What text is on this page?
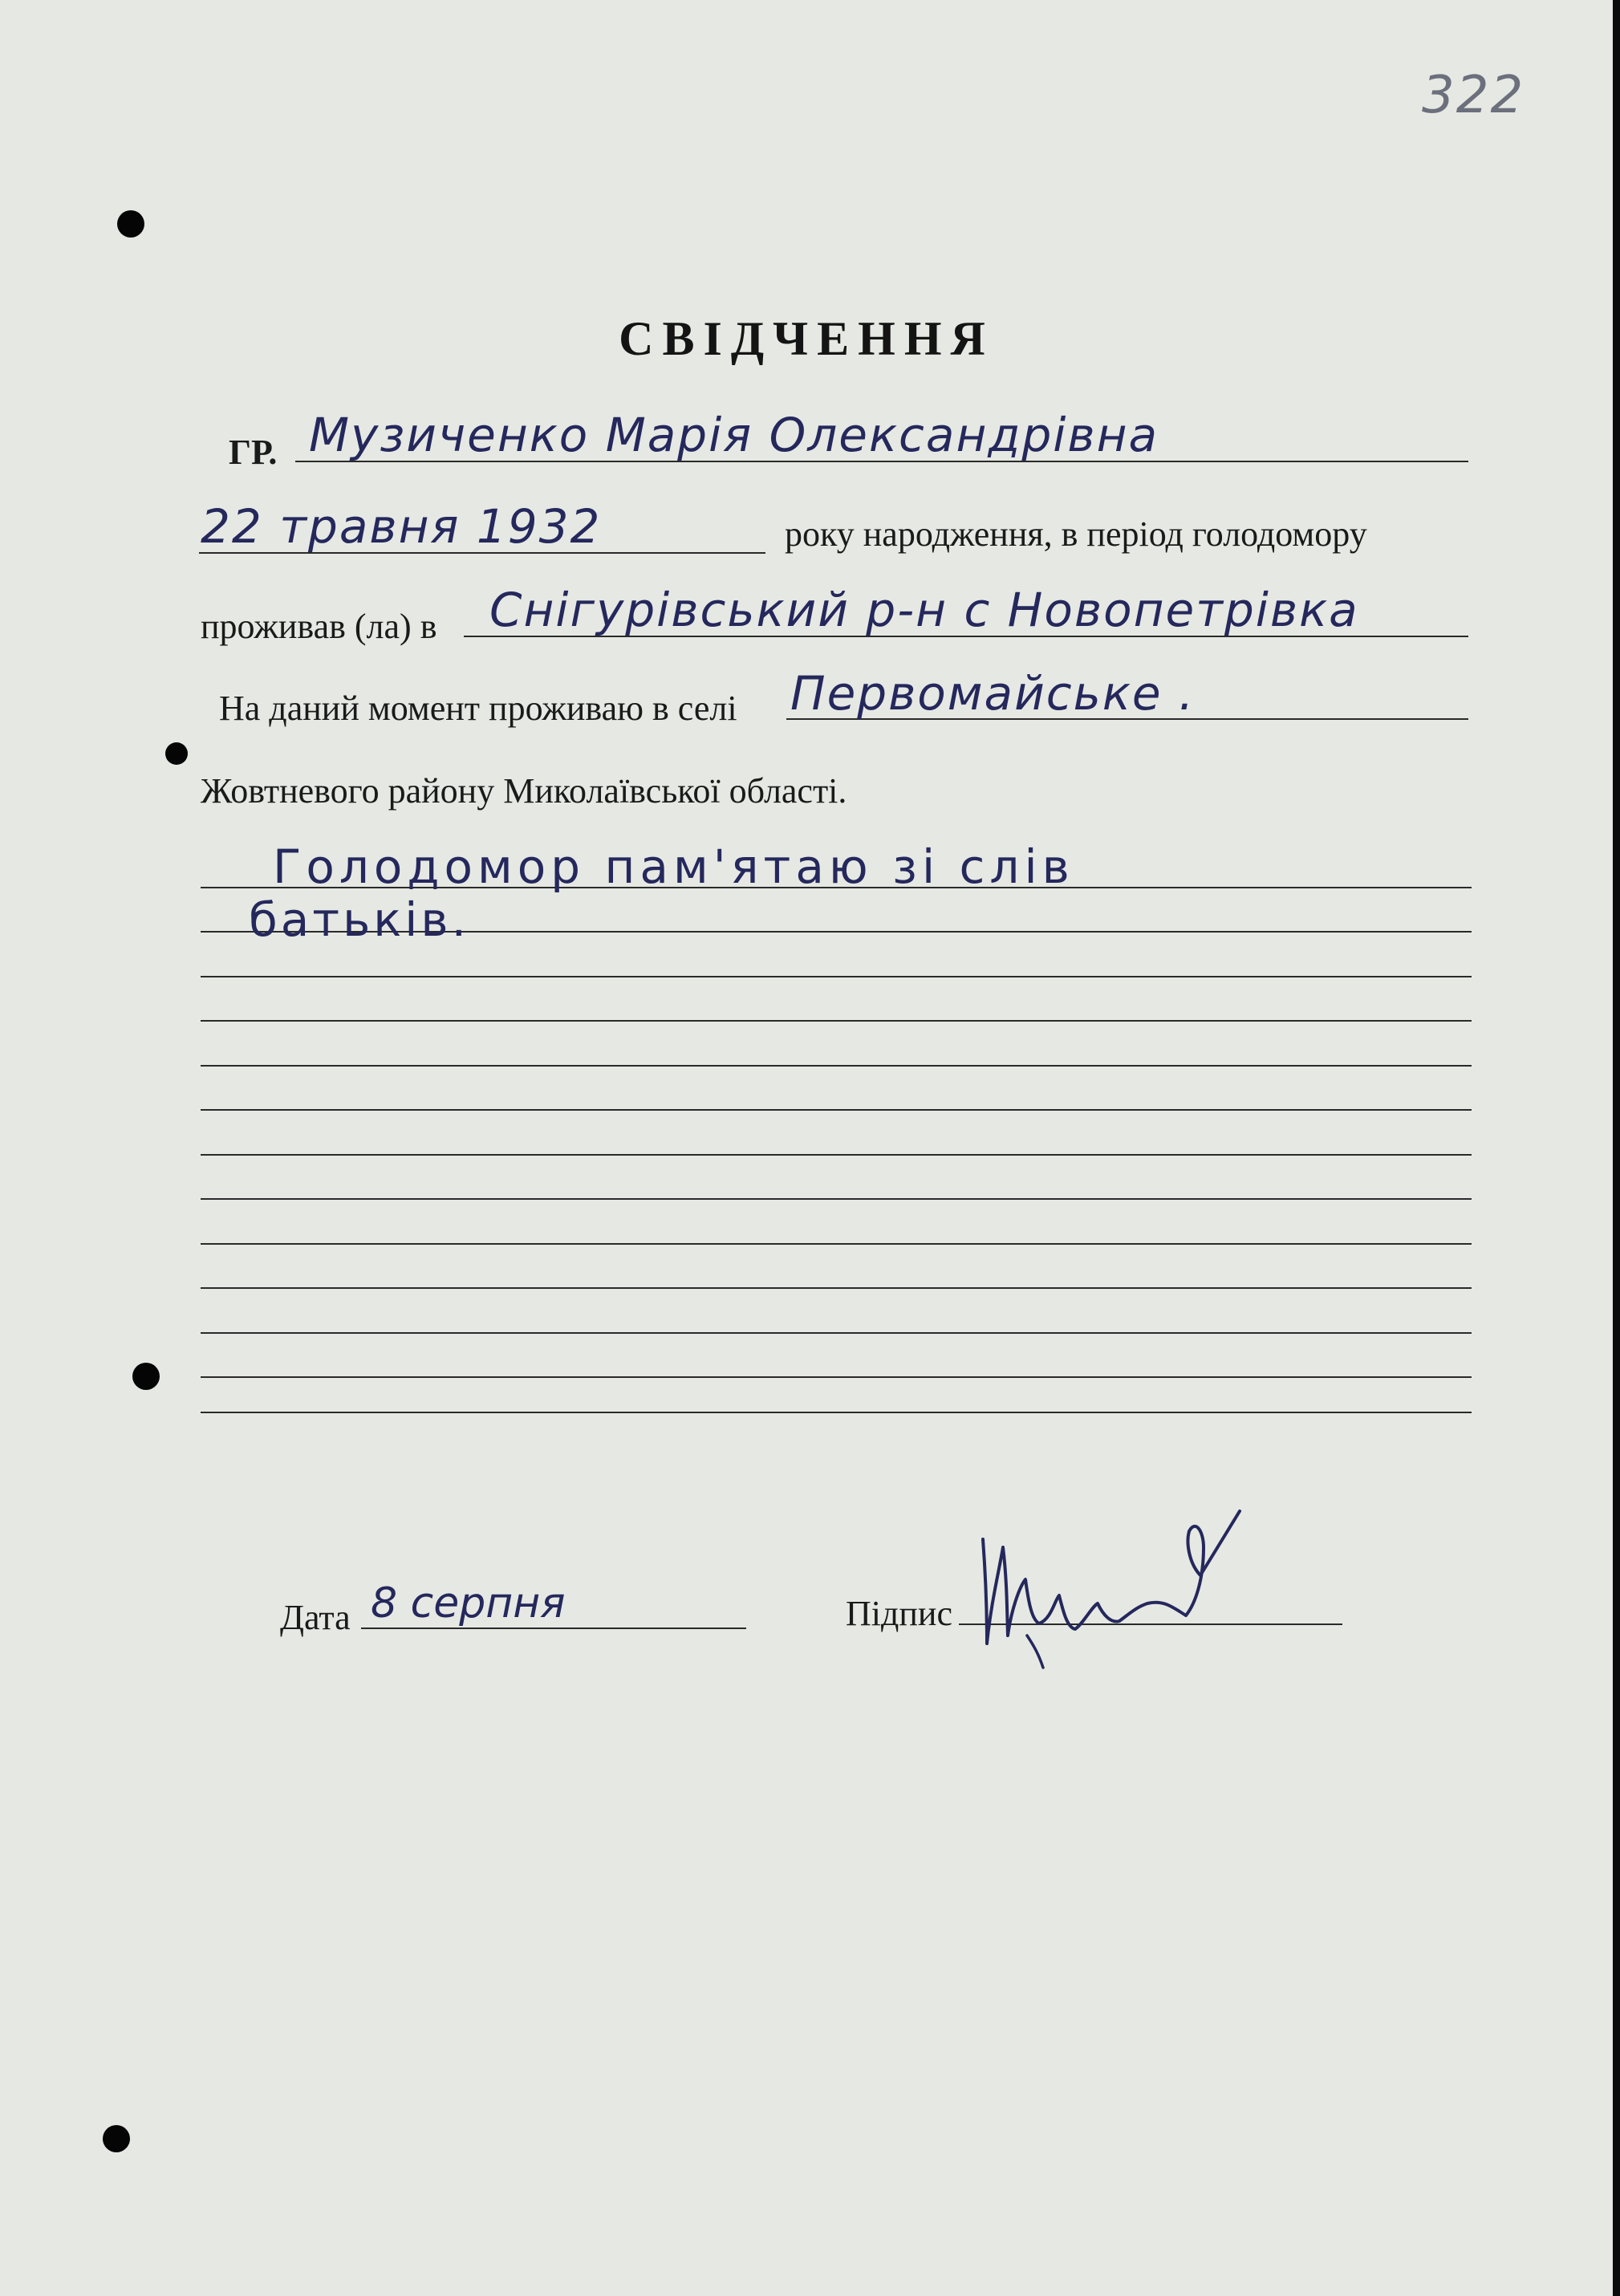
322
СВІДЧЕННЯ
ГР. Музиченко Марія Олександрівна
22 травня 1932	року народження, в період голодомору
проживав (ла) в Снігурівський р-н с Новопетрівка
На даний момент проживаю в селі Первомайське .
Жовтневого району Миколаївської області.
Голодомор пам'ятаю зі слів
батьків.
Дата 8 серпня	Підпис
